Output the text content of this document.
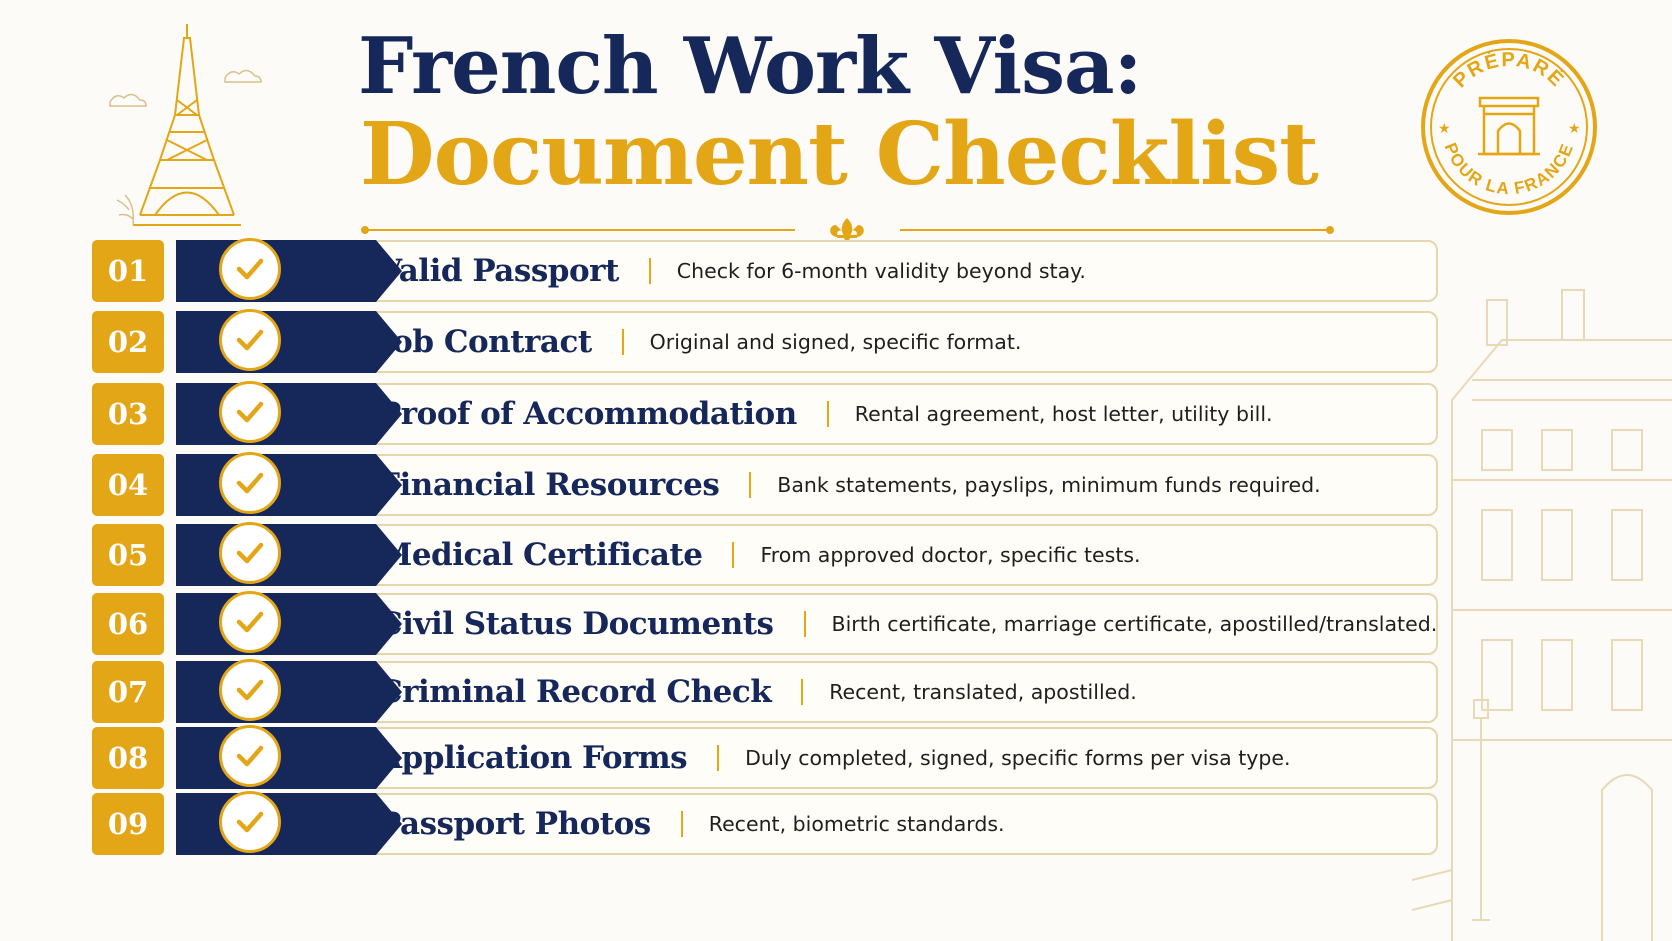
PRÉPARÉ
POUR LA FRANCE
★	★
French Work Visa:
Document Checklist
01	Valid Passport	Check for 6-month validity beyond stay.
02	Job Contract	Original and signed, specific format.
03	Proof of Accommodation	Rental agreement, host letter, utility bill.
04	Financial Resources	Bank statements, payslips, minimum funds required.
05	Medical Certificate	From approved doctor, specific tests.
06	Civil Status Documents	Birth certificate, marriage certificate, apostilled/translated.
07	Criminal Record Check	Recent, translated, apostilled.
08	Application Forms	Duly completed, signed, specific forms per visa type.
09	Passport Photos	Recent, biometric standards.
